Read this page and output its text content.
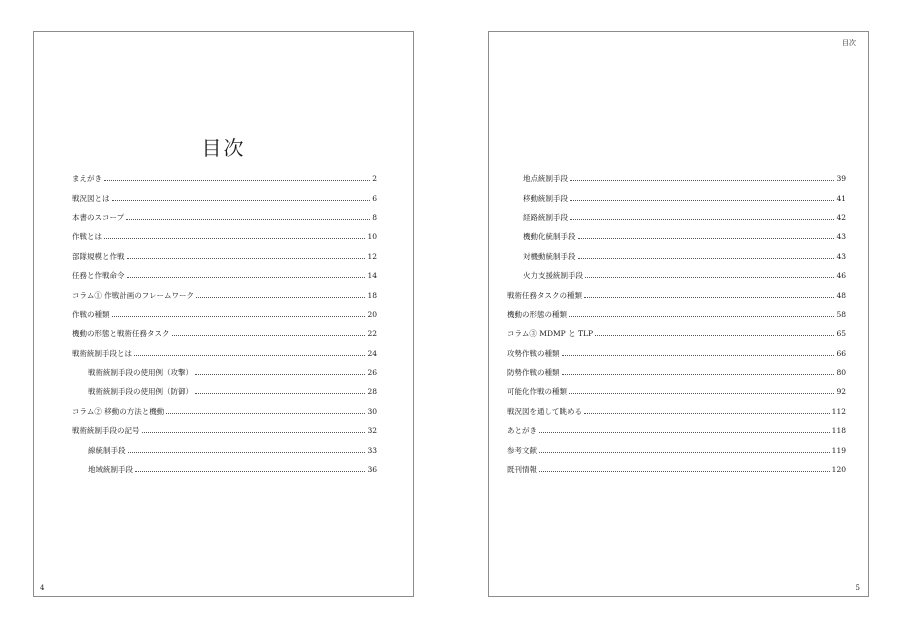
目次
まえがき	2
戦況図とは	6
本書のスコープ	8
作戦とは	10
部隊規模と作戦	12
任務と作戦命令	14
コラム① 作戦計画のフレームワーク	18
作戦の種類	20
機動の形態と戦術任務タスク	22
戦術統制手段とは	24
戦術統制手段の使用例（攻撃）	26
戦術統制手段の使用例（防御）	28
コラム② 移動の方法と機動	30
戦術統制手段の記号	32
線統制手段	33
地域統制手段	36
4
目次
地点統制手段	39
移動統制手段	41
経路統制手段	42
機動化統制手段	43
対機動統制手段	43
火力支援統制手段	46
戦術任務タスクの種類	48
機動の形態の種類	58
コラム③ MDMP と TLP	65
攻勢作戦の種類	66
防勢作戦の種類	80
可能化作戦の種類	92
戦況図を通して眺める	112
あとがき	118
参考文献	119
既刊情報	120
5
